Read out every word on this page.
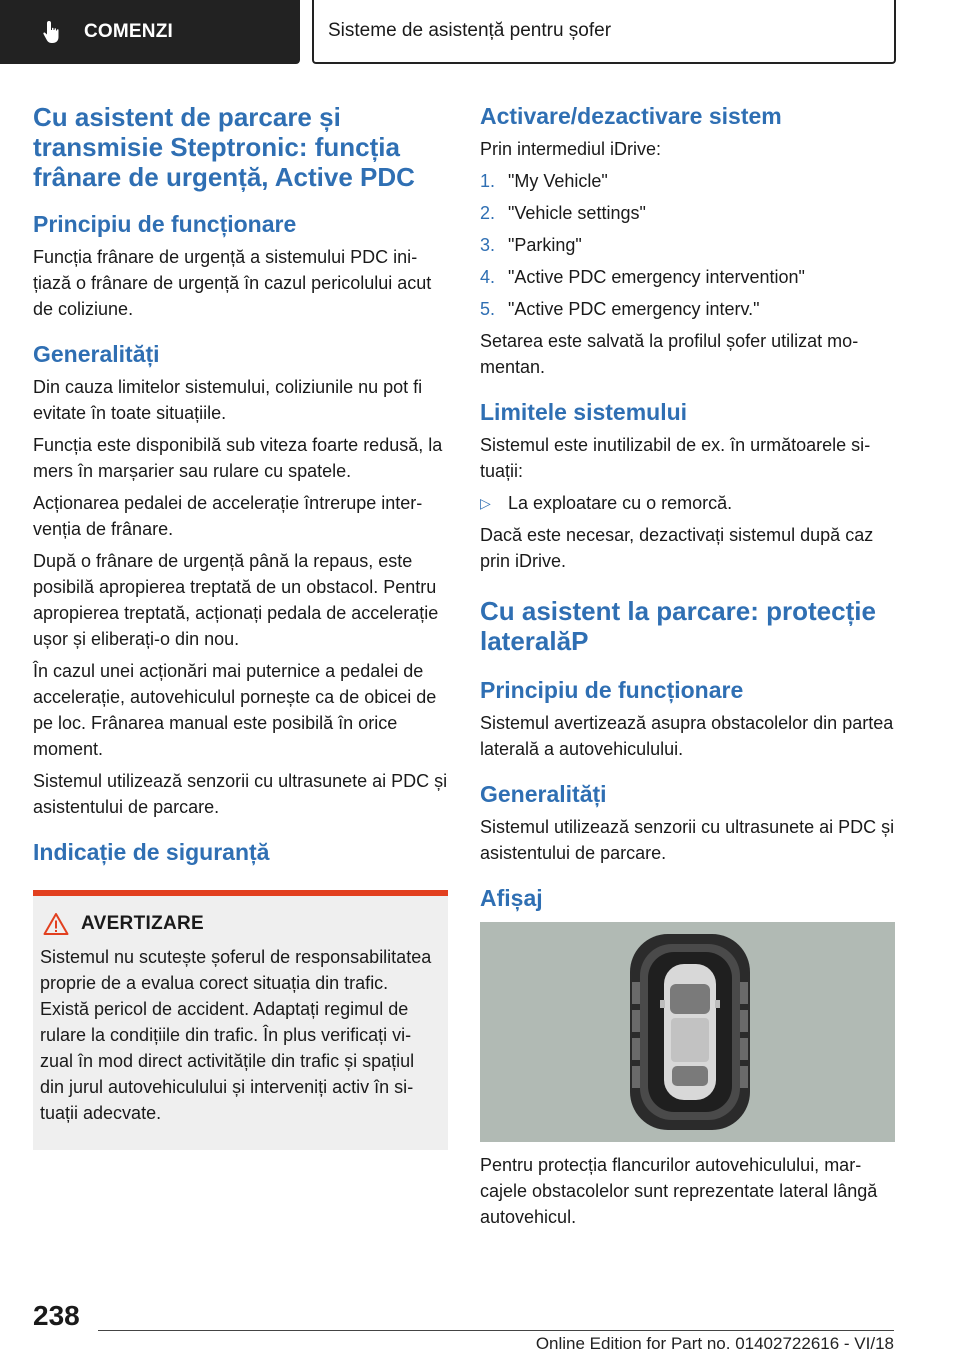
COMENZI	Sisteme de asistență pentru șofer
Cu asistent de parcare și transmisie Steptronic: funcția frânare de urgență, Active PDC
Principiu de funcționare

Funcția frânare de urgență a sistemului PDC inițiază o frânare de urgență în cazul pericolului acut de coliziune.

Generalități

Din cauza limitelor sistemului, coliziunile nu pot fi evitate în toate situațiile.

Funcția este disponibilă sub viteza foarte redusă, la mers în marșarier sau rulare cu spatele.

Acționarea pedalei de accelerație întrerupe intervenția de frânare.

După o frânare de urgență până la repaus, este posibilă apropierea treptată de un obstacol. Pentru apropierea treptată, acționați pedala de accelerație ușor și eliberați-o din nou.

În cazul unei acționări mai puternice a pedalei de accelerație, autovehiculul pornește ca de obicei de pe loc. Frânarea manual este posibilă în orice moment.

Sistemul utilizează senzorii cu ultrasunete ai PDC și asistentului de parcare.

Indicație de siguranță
AVERTIZARE

Sistemul nu scutește șoferul de responsabilitatea proprie de a evalua corect situația din trafic. Există pericol de accident. Adaptați regimul de rulare la condițiile din trafic. În plus verificați vizual în mod direct activitățile din trafic și spațiul din jurul autovehiculului și interveniți activ în situații adecvate.

Activare/dezactivare sistem

Prin intermediul iDrive:

1. "My Vehicle"
2. "Vehicle settings"
3. "Parking"
4. "Active PDC emergency intervention"
5. "Active PDC emergency interv."

Setarea este salvată la profilul șofer utilizat momentan.

Limitele sistemului

Sistemul este inutilizabil de ex. în următoarele situații:

▷ La exploatare cu o remorcă.

Dacă este necesar, dezactivați sistemul după caz prin iDrive.

Cu asistent la parcare: protecție lateralăP
Principiu de funcționare

Sistemul avertizează asupra obstacolelor din partea laterală a autovehiculului.

Generalități

Sistemul utilizează senzorii cu ultrasunete ai PDC și asistentului de parcare.

Afișaj

Pentru protecția flancurilor autovehiculului, marcajele obstacolelor sunt reprezentate lateral lângă autovehicul.

238
Online Edition for Part no. 01402722616 - VI/18
